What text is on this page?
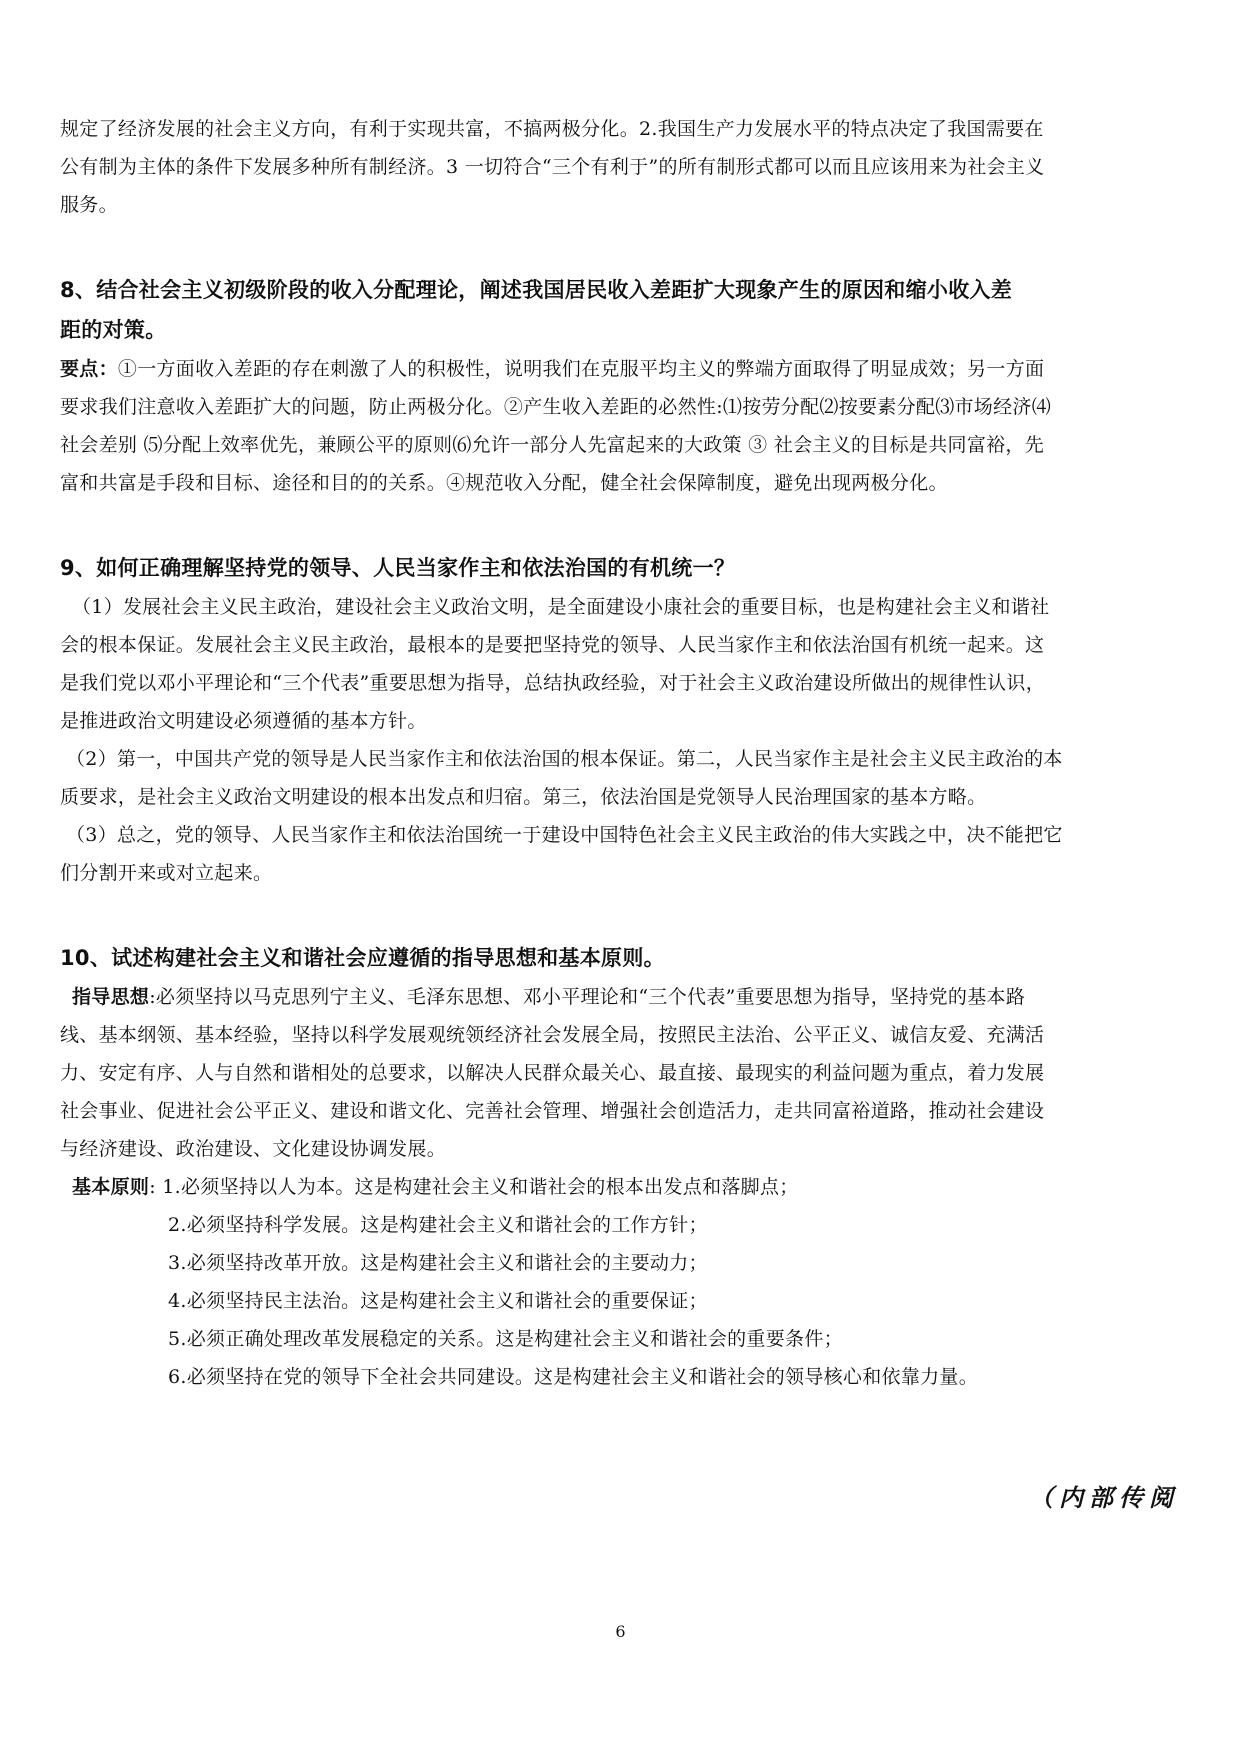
规定了经济发展的社会主义方向，有利于实现共富，不搞两极分化。2.我国生产力发展水平的特点决定了我国需要在

公有制为主体的条件下发展多种所有制经济。3 一切符合“三个有利于”的所有制形式都可以而且应该用来为社会主义

服务。

8、结合社会主义初级阶段的收入分配理论，阐述我国居民收入差距扩大现象产生的原因和缩小收入差
距的对策。

要点：①一方面收入差距的存在刺激了人的积极性，说明我们在克服平均主义的弊端方面取得了明显成效；另一方面

要求我们注意收入差距扩大的问题，防止两极分化。②产生收入差距的必然性:⑴按劳分配⑵按要素分配⑶市场经济⑷

社会差别 ⑸分配上效率优先，兼顾公平的原则⑹允许一部分人先富起来的大政策 ③ 社会主义的目标是共同富裕，先

富和共富是手段和目标、途径和目的的关系。④规范收入分配，健全社会保障制度，避免出现两极分化。

9、如何正确理解坚持党的领导、人民当家作主和依法治国的有机统一？

（1）发展社会主义民主政治，建设社会主义政治文明，是全面建设小康社会的重要目标，也是构建社会主义和谐社

会的根本保证。发展社会主义民主政治，最根本的是要把坚持党的领导、人民当家作主和依法治国有机统一起来。这

是我们党以邓小平理论和“三个代表”重要思想为指导，总结执政经验，对于社会主义政治建设所做出的规律性认识，

是推进政治文明建设必须遵循的基本方针。

（2）第一，中国共产党的领导是人民当家作主和依法治国的根本保证。第二，人民当家作主是社会主义民主政治的本

质要求，是社会主义政治文明建设的根本出发点和归宿。第三，依法治国是党领导人民治理国家的基本方略。

（3）总之，党的领导、人民当家作主和依法治国统一于建设中国特色社会主义民主政治的伟大实践之中，决不能把它

们分割开来或对立起来。

10、试述构建社会主义和谐社会应遵循的指导思想和基本原则。

指导思想:必须坚持以马克思列宁主义、毛泽东思想、邓小平理论和“三个代表”重要思想为指导，坚持党的基本路

线、基本纲领、基本经验，坚持以科学发展观统领经济社会发展全局，按照民主法治、公平正义、诚信友爱、充满活

力、安定有序、人与自然和谐相处的总要求，以解决人民群众最关心、最直接、最现实的利益问题为重点，着力发展

社会事业、促进社会公平正义、建设和谐文化、完善社会管理、增强社会创造活力，走共同富裕道路，推动社会建设

与经济建设、政治建设、文化建设协调发展。

基本原则: 1.必须坚持以人为本。这是构建社会主义和谐社会的根本出发点和落脚点；

2.必须坚持科学发展。这是构建社会主义和谐社会的工作方针；

3.必须坚持改革开放。这是构建社会主义和谐社会的主要动力；

4.必须坚持民主法治。这是构建社会主义和谐社会的重要保证；

5.必须正确处理改革发展稳定的关系。这是构建社会主义和谐社会的重要条件；

6.必须坚持在党的领导下全社会共同建设。这是构建社会主义和谐社会的领导核心和依靠力量。

（内部传阅
6
